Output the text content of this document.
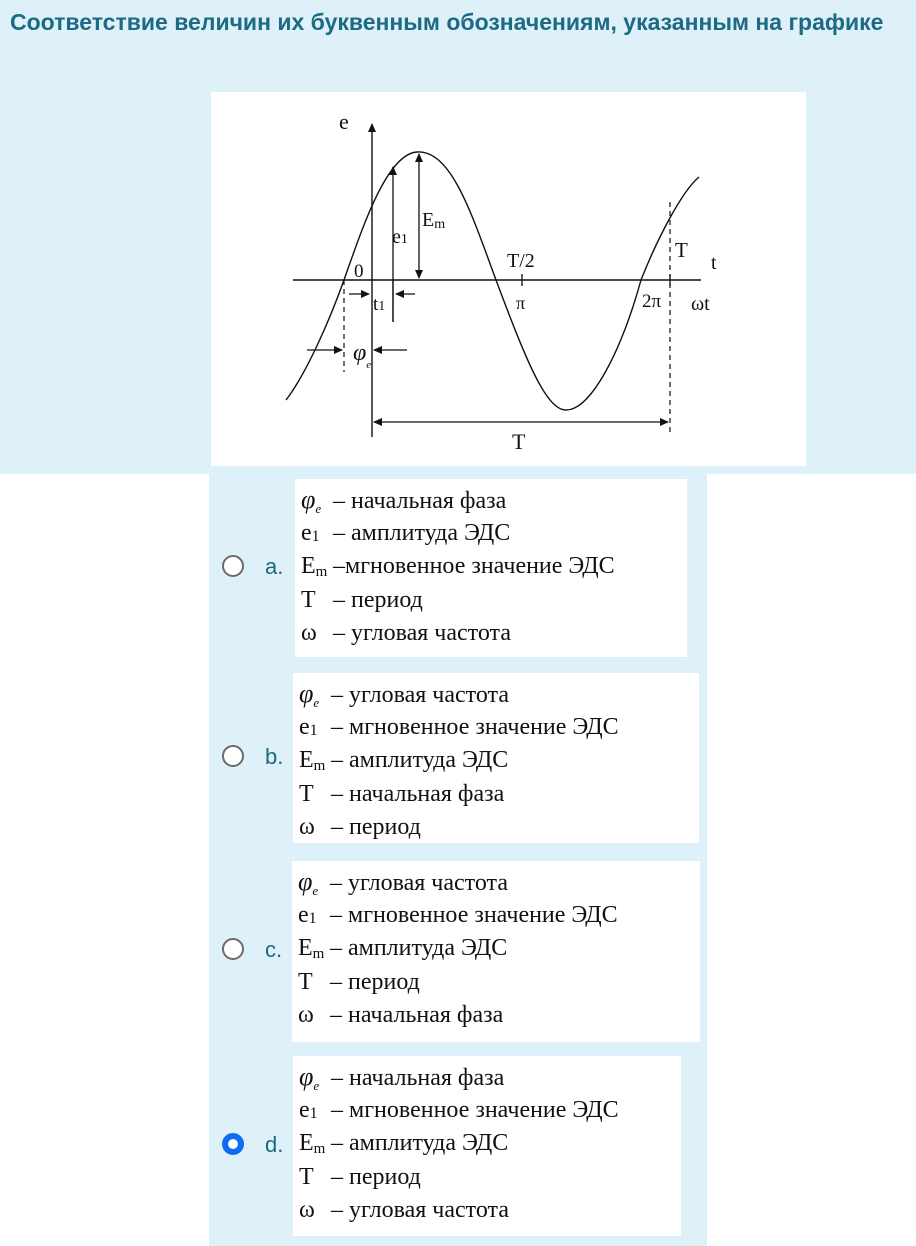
Соответствие величин их буквенным обозначениям, указанным на графике

e
0
Em
e1
t1
T/2
π	2π
T
t
ωt
$\varphi_e$
T
a.
$\varphi_e$ – начальная фаза
$e_1$ – амплитуда ЭДС
$E_m$ –мгновенное значение ЭДС
T – период
ω – угловая частота
b.
$\varphi_e$ – угловая частота
$e_1$ – мгновенное значение ЭДС
$E_m$ – амплитуда ЭДС
T – начальная фаза
ω – период
c.
$\varphi_e$ – угловая частота
$e_1$ – мгновенное значение ЭДС
$E_m$ – амплитуда ЭДС
T – период
ω – начальная фаза
d.
$\varphi_e$ – начальная фаза
$e_1$ – мгновенное значение ЭДС
$E_m$ – амплитуда ЭДС
T – период
ω – угловая частота
